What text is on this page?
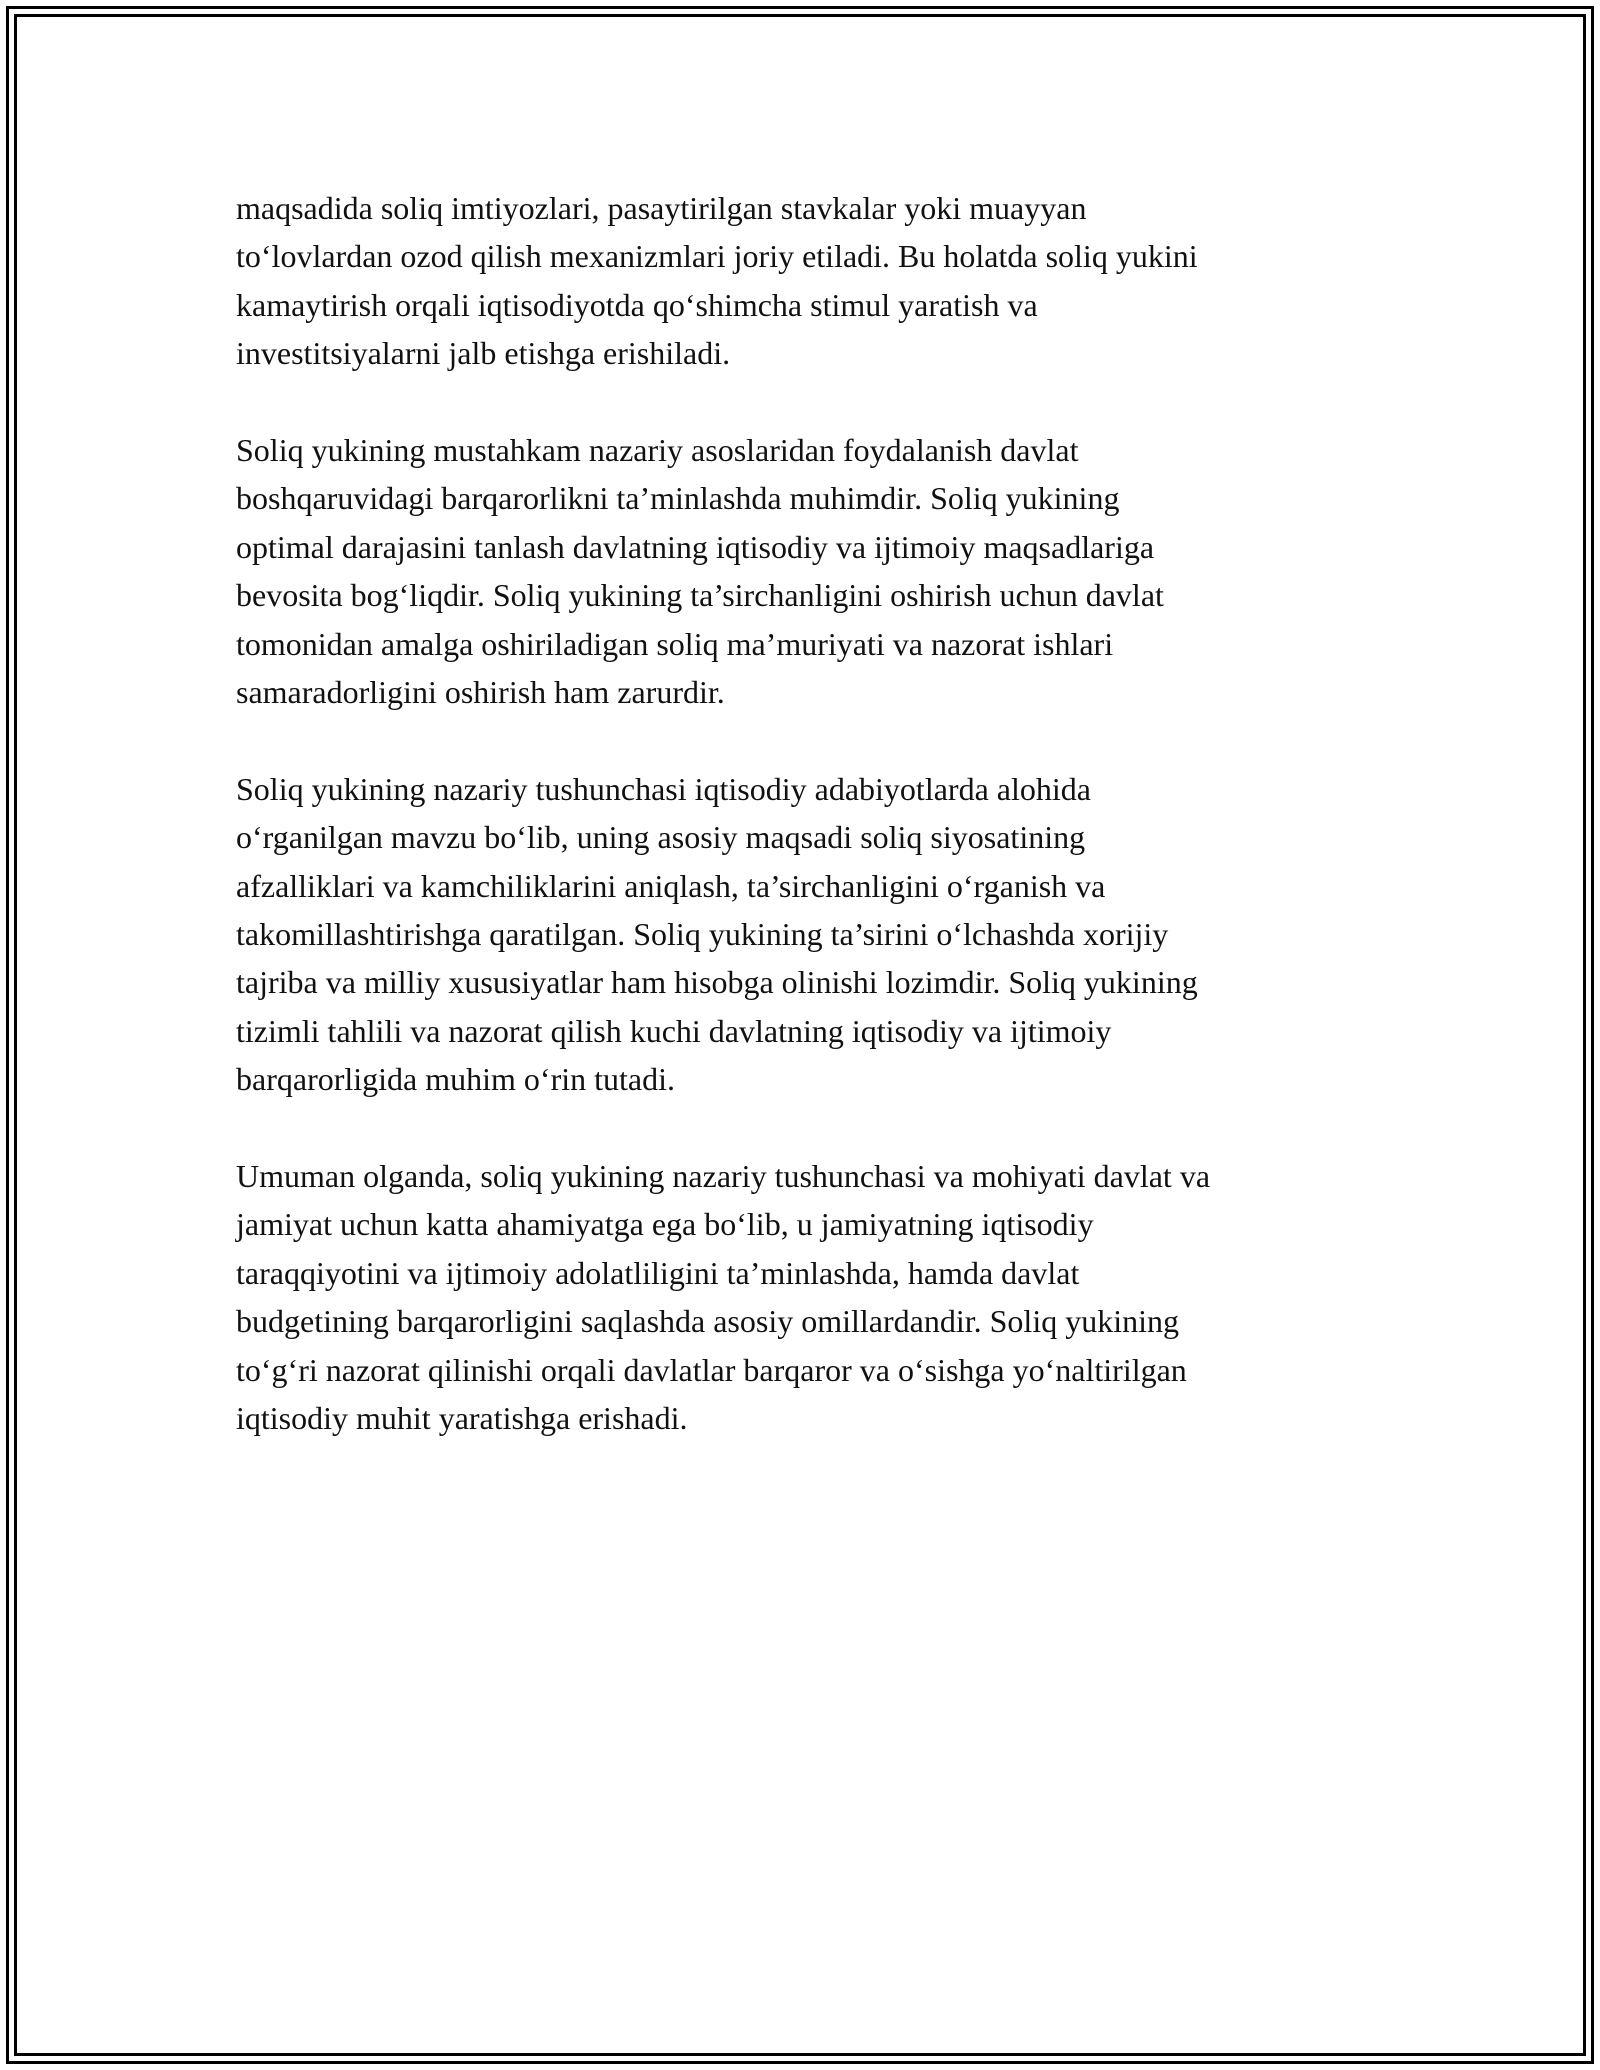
maqsadida soliq imtiyozlari, pasaytirilgan stavkalar yoki muayyan
to‘lovlardan ozod qilish mexanizmlari joriy etiladi. Bu holatda soliq yukini
kamaytirish orqali iqtisodiyotda qo‘shimcha stimul yaratish va
investitsiyalarni jalb etishga erishiladi.

Soliq yukining mustahkam nazariy asoslaridan foydalanish davlat
boshqaruvidagi barqarorlikni ta’minlashda muhimdir. Soliq yukining
optimal darajasini tanlash davlatning iqtisodiy va ijtimoiy maqsadlariga
bevosita bog‘liqdir. Soliq yukining ta’sirchanligini oshirish uchun davlat
tomonidan amalga oshiriladigan soliq ma’muriyati va nazorat ishlari
samaradorligini oshirish ham zarurdir.

Soliq yukining nazariy tushunchasi iqtisodiy adabiyotlarda alohida
o‘rganilgan mavzu bo‘lib, uning asosiy maqsadi soliq siyosatining
afzalliklari va kamchiliklarini aniqlash, ta’sirchanligini o‘rganish va
takomillashtirishga qaratilgan. Soliq yukining ta’sirini o‘lchashda xorijiy
tajriba va milliy xususiyatlar ham hisobga olinishi lozimdir. Soliq yukining
tizimli tahlili va nazorat qilish kuchi davlatning iqtisodiy va ijtimoiy
barqarorligida muhim o‘rin tutadi.

Umuman olganda, soliq yukining nazariy tushunchasi va mohiyati davlat va
jamiyat uchun katta ahamiyatga ega bo‘lib, u jamiyatning iqtisodiy
taraqqiyotini va ijtimoiy adolatliligini ta’minlashda, hamda davlat
budgetining barqarorligini saqlashda asosiy omillardandir. Soliq yukining
to‘g‘ri nazorat qilinishi orqali davlatlar barqaror va o‘sishga yo‘naltirilgan
iqtisodiy muhit yaratishga erishadi.
